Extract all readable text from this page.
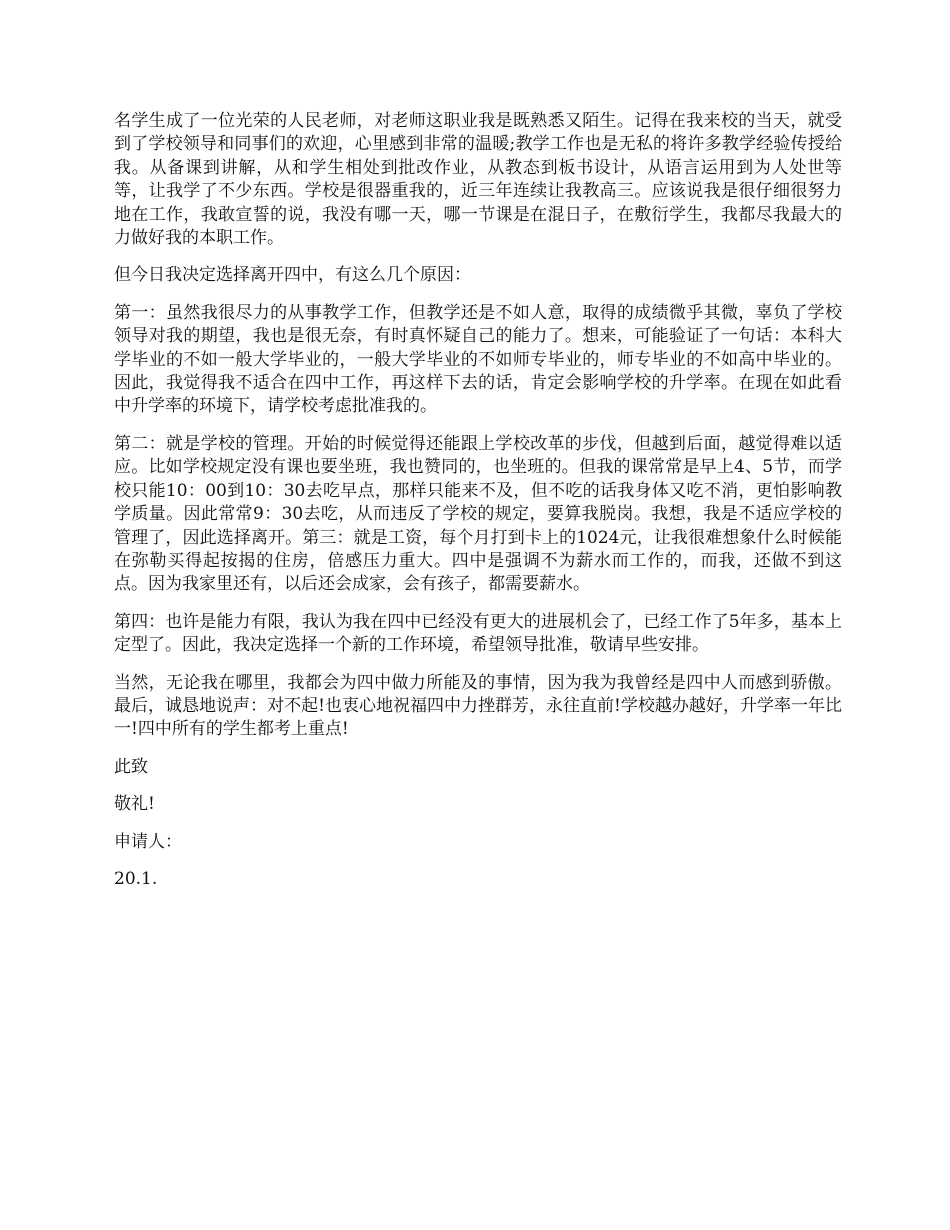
名学生成了一位光荣的人民老师，对老师这职业我是既熟悉又陌生。记得在我来校的当天，就受到了学校领导和同事们的欢迎，心里感到非常的温暖;教学工作也是无私的将许多教学经验传授给我。从备课到讲解，从和学生相处到批改作业，从教态到板书设计，从语言运用到为人处世等等，让我学了不少东西。学校是很器重我的，近三年连续让我教高三。应该说我是很仔细很努力地在工作，我敢宣誓的说，我没有哪一天，哪一节课是在混日子，在敷衍学生，我都尽我最大的力做好我的本职工作。

但今日我决定选择离开四中，有这么几个原因：

第一：虽然我很尽力的从事教学工作，但教学还是不如人意，取得的成绩微乎其微，辜负了学校领导对我的期望，我也是很无奈，有时真怀疑自己的能力了。想来，可能验证了一句话：本科大学毕业的不如一般大学毕业的，一般大学毕业的不如师专毕业的，师专毕业的不如高中毕业的。因此，我觉得我不适合在四中工作，再这样下去的话，肯定会影响学校的升学率。在现在如此看中升学率的环境下，请学校考虑批准我的。

第二：就是学校的管理。开始的时候觉得还能跟上学校改革的步伐，但越到后面，越觉得难以适应。比如学校规定没有课也要坐班，我也赞同的，也坐班的。但我的课常常是早上4、5节，而学校只能10：00到10：30去吃早点，那样只能来不及，但不吃的话我身体又吃不消，更怕影响教学质量。因此常常9：30去吃，从而违反了学校的规定，要算我脱岗。我想，我是不适应学校的管理了，因此选择离开。第三：就是工资，每个月打到卡上的1024元，让我很难想象什么时候能在弥勒买得起按揭的住房，倍感压力重大。四中是强调不为薪水而工作的，而我，还做不到这点。因为我家里还有，以后还会成家，会有孩子，都需要薪水。

第四：也许是能力有限，我认为我在四中已经没有更大的进展机会了，已经工作了5年多，基本上定型了。因此，我决定选择一个新的工作环境，希望领导批准，敬请早些安排。

当然，无论我在哪里，我都会为四中做力所能及的事情，因为我为我曾经是四中人而感到骄傲。最后，诚恳地说声：对不起!也衷心地祝福四中力挫群芳，永往直前!学校越办越好，升学率一年比一!四中所有的学生都考上重点!

此致

敬礼!

申请人：

20.1.
